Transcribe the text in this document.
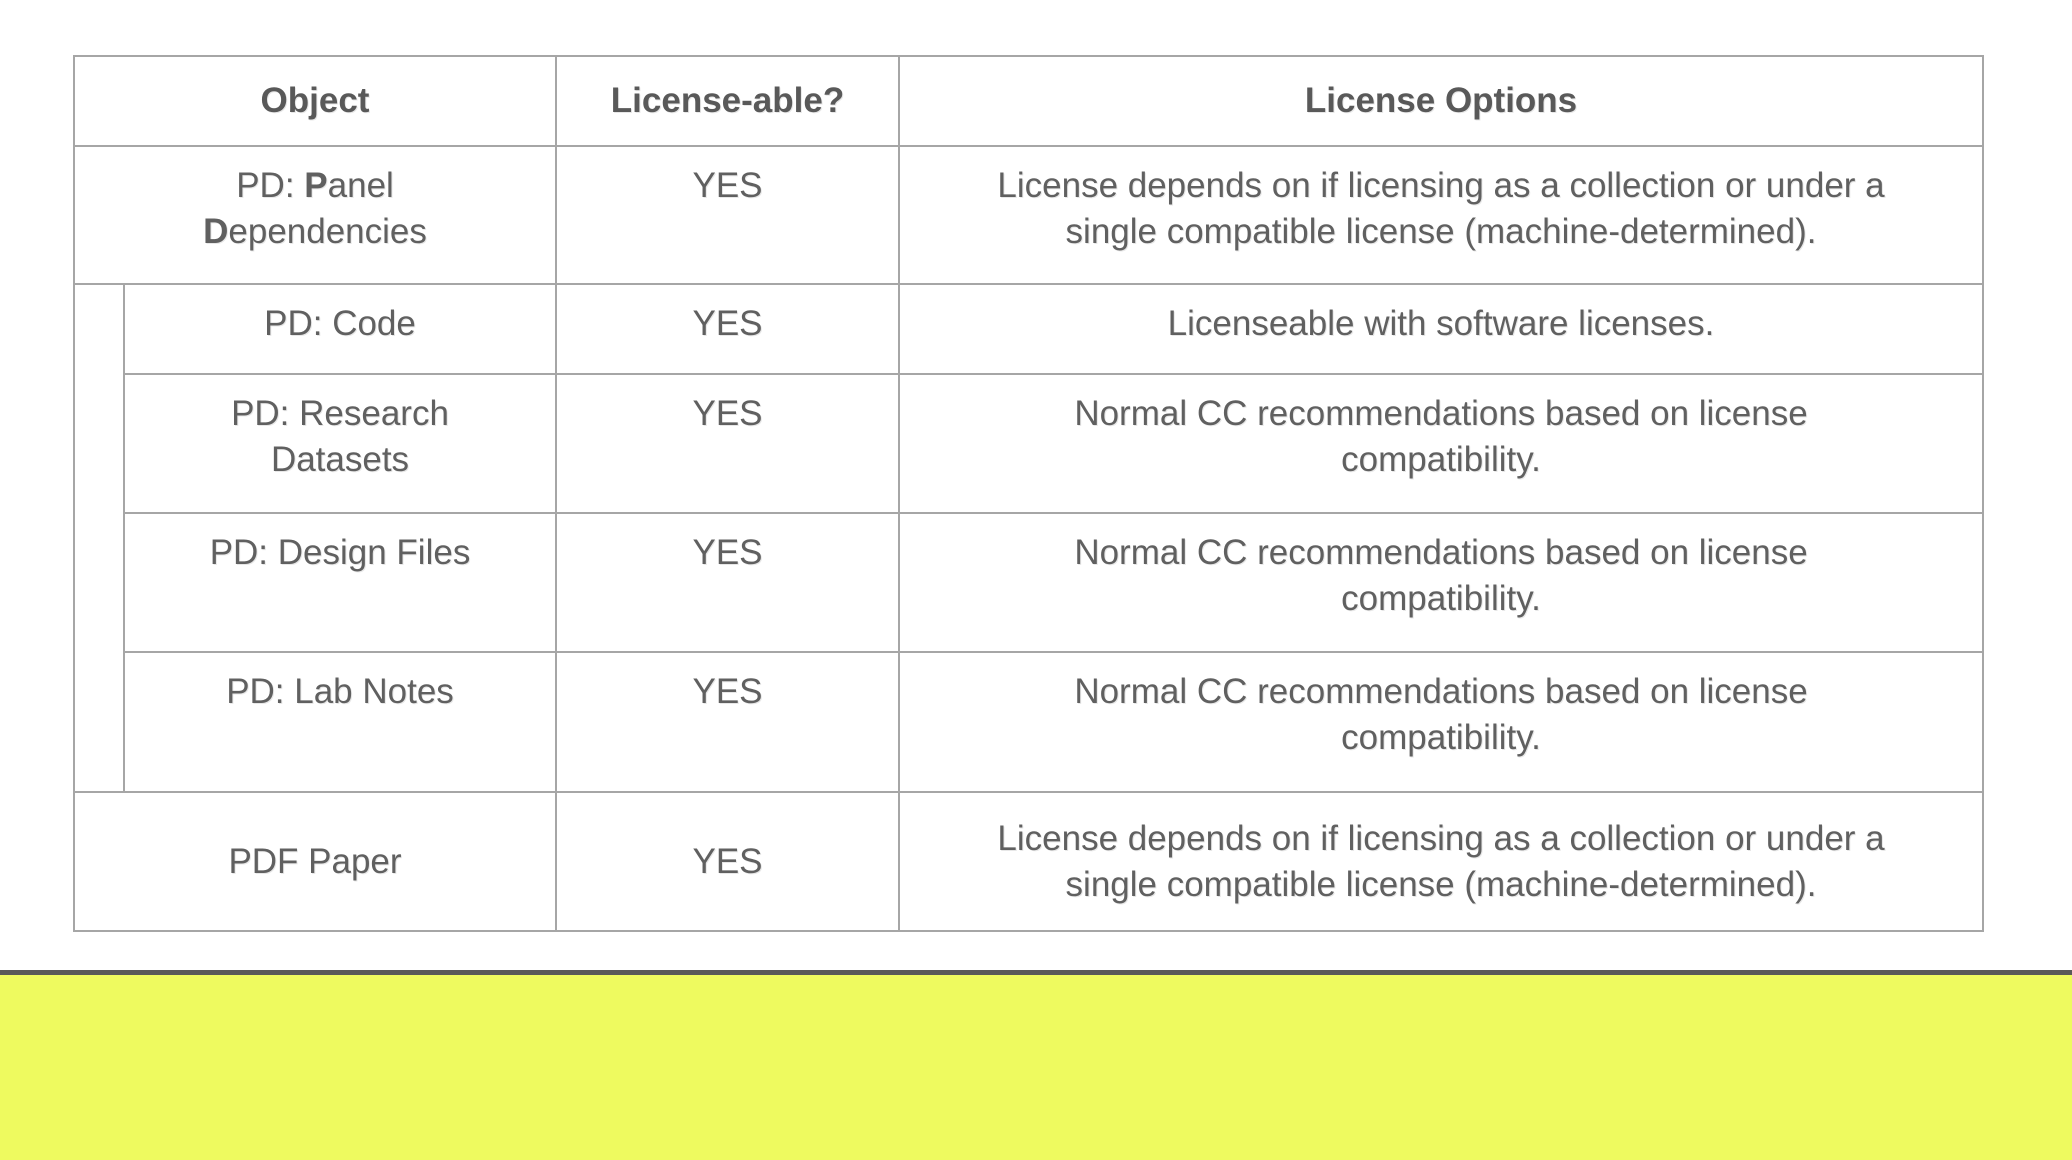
Object		License-able?	License Options
PD: Panel
Dependencies		YES	License depends on if licensing as a collection or under a
single compatible license (machine-determined).
	PD: Code	YES	Licenseable with software licenses.
	PD: Research
Datasets	YES	Normal CC recommendations based on license
compatibility.
	PD: Design Files	YES	Normal CC recommendations based on license
compatibility.
	PD: Lab Notes	YES	Normal CC recommendations based on license
compatibility.
PDF Paper		YES	License depends on if licensing as a collection or under a
single compatible license (machine-determined).
